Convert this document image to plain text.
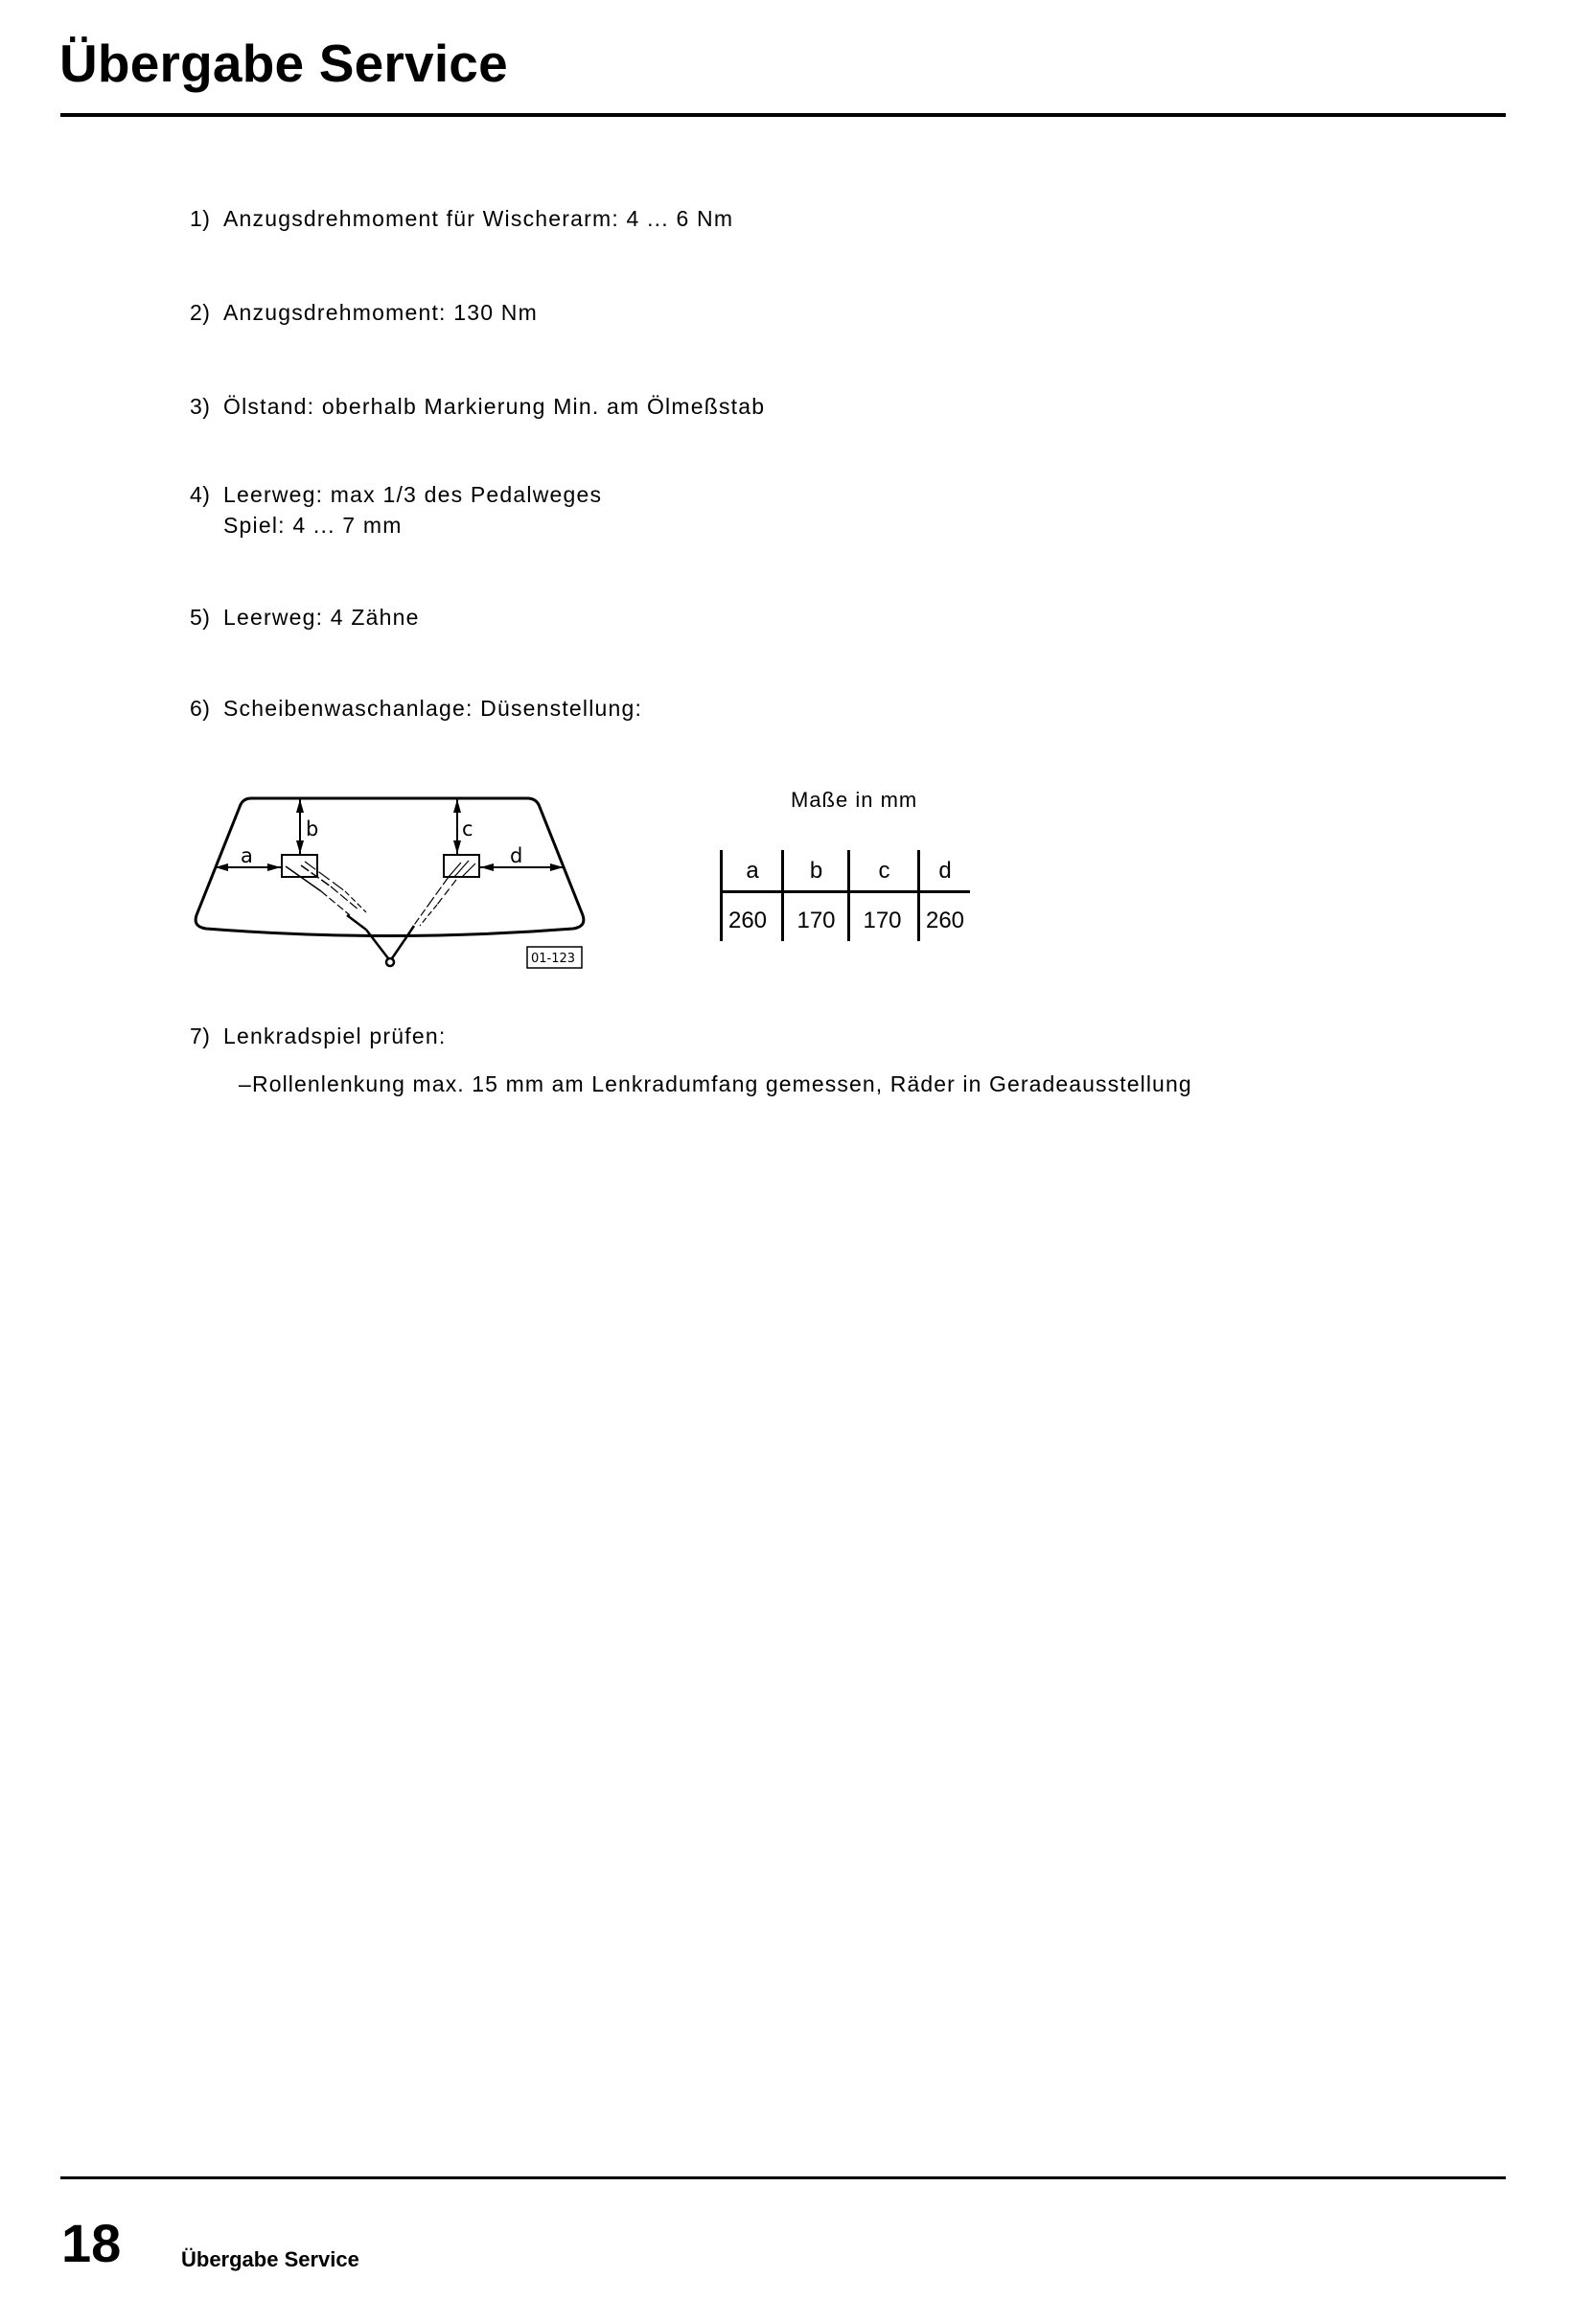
Übergabe Service
1) Anzugsdrehmoment für Wischerarm: 4 ... 6 Nm
2) Anzugsdrehmoment: 130 Nm
3) Ölstand: oberhalb Markierung Min. am Ölmeßstab
4) Leerweg: max 1/3 des Pedalweges
Spiel: 4 ... 7 mm
5) Leerweg: 4 Zähne
6) Scheibenwaschanlage: Düsenstellung:
a
b	c
d
01-123
Maße in mm
a	b	c	d
260	170	170	260
7) Lenkradspiel prüfen:
– Rollenlenkung max. 15 mm am Lenkradumfang gemessen, Räder in Geradeausstellung
18	Übergabe Service
